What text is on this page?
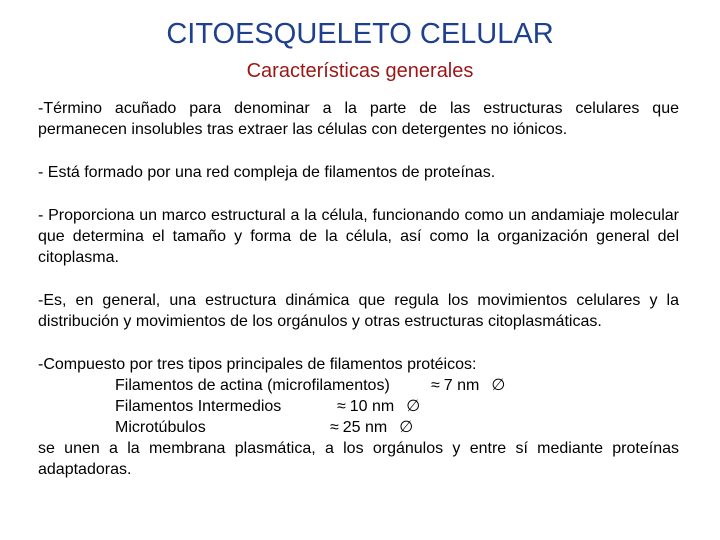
CITOESQUELETO CELULAR
Características generales

-Término acuñado para denominar a la parte de las estructuras celulares que permanecen insolubles tras extraer las células con detergentes no iónicos.

- Está formado por una red compleja de filamentos de proteínas.

- Proporciona un marco estructural a la célula, funcionando como un andamiaje molecular que determina el tamaño y forma de la célula, así como la organización general del citoplasma.

-Es, en general, una estructura dinámica que regula los movimientos celulares y la distribución y movimientos de los orgánulos y otras estructuras citoplasmáticas.

-Compuesto por tres tipos principales de filamentos protéicos:
Filamentos de actina (microfilamentos)	≈ 7 nm ∅
Filamentos Intermedios	≈ 10 nm ∅
Microtúbulos	≈ 25 nm ∅
se unen a la membrana plasmática, a los orgánulos y entre sí mediante proteínas adaptadoras.
